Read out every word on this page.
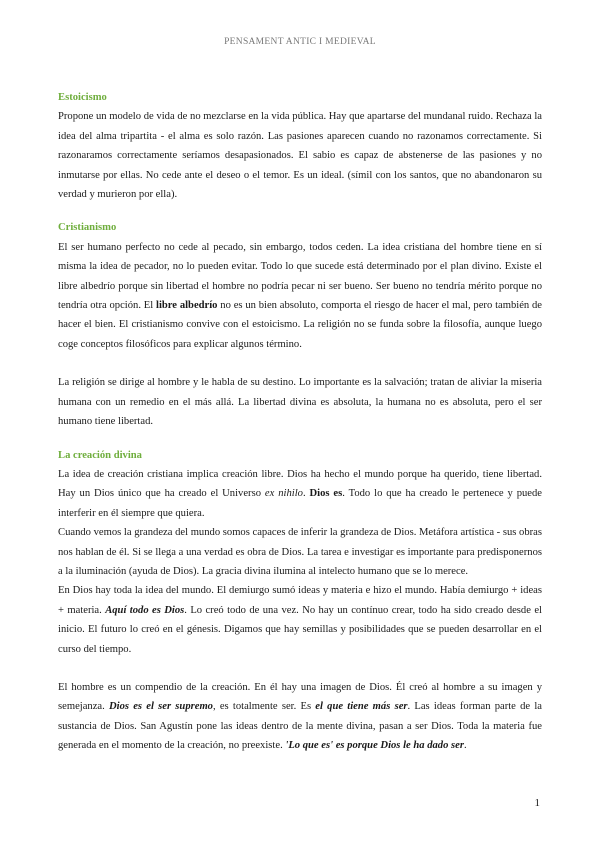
PENSAMENT ANTIC I MEDIEVAL
Estoicismo

Propone un modelo de vida de no mezclarse en la vida pública. Hay que apartarse del mundanal ruido. Rechaza la idea del alma tripartita - el alma es solo razón. Las pasiones aparecen cuando no razonamos correctamente. Si razonaramos correctamente seríamos desapasionados. El sabio es capaz de abstenerse de las pasiones y no inmutarse por ellas. No cede ante el deseo o el temor. Es un ideal. (símil con los santos, que no abandonaron su verdad y murieron por ella).

Cristianismo

El ser humano perfecto no cede al pecado, sin embargo, todos ceden. La idea cristiana del hombre tiene en sí misma la idea de pecador, no lo pueden evitar. Todo lo que sucede está determinado por el plan divino. Existe el libre albedrío porque sin libertad el hombre no podría pecar ni ser bueno. Ser bueno no tendría mérito porque no tendría otra opción. El libre albedrío no es un bien absoluto, comporta el riesgo de hacer el mal, pero también de hacer el bien. El cristianismo convive con el estoicismo. La religión no se funda sobre la filosofía, aunque luego coge conceptos filosóficos para explicar algunos término.

La religión se dirige al hombre y le habla de su destino. Lo importante es la salvación; tratan de aliviar la miseria humana con un remedio en el más allá. La libertad divina es absoluta, la humana no es absoluta, pero el ser humano tiene libertad.

La creación divina

La idea de creación cristiana implica creación libre. Dios ha hecho el mundo porque ha querido, tiene libertad. Hay un Dios único que ha creado el Universo ex nihilo. Dios es. Todo lo que ha creado le pertenece y puede interferir en él siempre que quiera.

Cuando vemos la grandeza del mundo somos capaces de inferir la grandeza de Dios. Metáfora artística - sus obras nos hablan de él. Si se llega a una verdad es obra de Dios. La tarea e investigar es importante para predisponernos a la iluminación (ayuda de Dios). La gracia divina ilumina al intelecto humano que se lo merece.

En Dios hay toda la idea del mundo. El demiurgo sumó ideas y materia e hizo el mundo. Había demiurgo + ideas + materia. Aquí todo es Dios. Lo creó todo de una vez. No hay un contínuo crear, todo ha sido creado desde el inicio. El futuro lo creó en el génesis. Digamos que hay semillas y posibilidades que se pueden desarrollar en el curso del tiempo.

El hombre es un compendio de la creación. En él hay una imagen de Dios. Él creó al hombre a su imagen y semejanza. Dios es el ser supremo, es totalmente ser. Es el que tiene más ser. Las ideas forman parte de la sustancia de Dios. San Agustín pone las ideas dentro de la mente divina, pasan a ser Dios. Toda la materia fue generada en el momento de la creación, no preexiste. 'Lo que es' es porque Dios le ha dado ser.

1
